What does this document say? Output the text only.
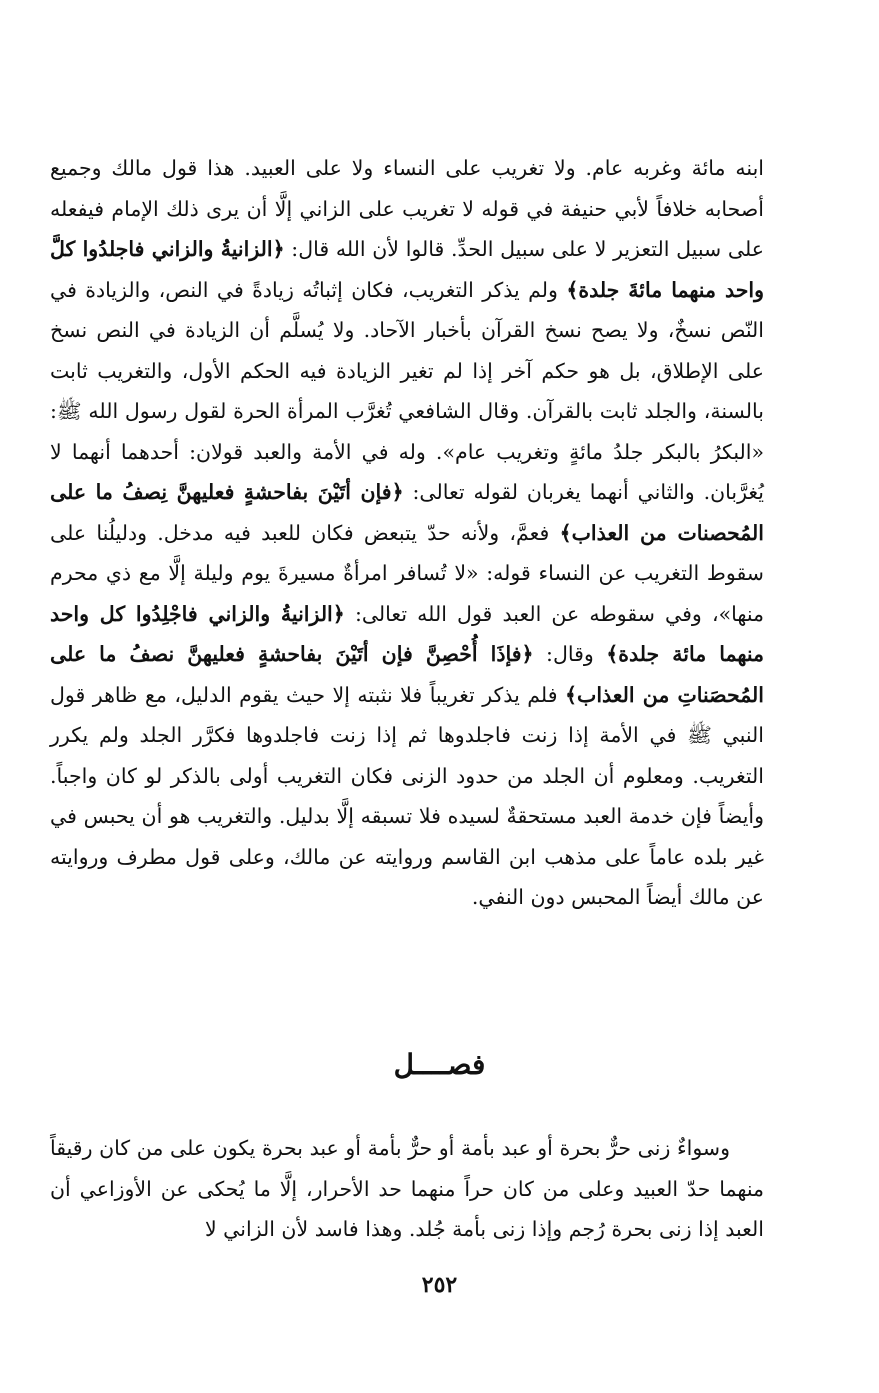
ابنه مائة وغربه عام. ولا تغريب على النساء ولا على العبيد. هذا قول مالك وجميع أصحابه خلافاً لأبي حنيفة في قوله لا تغريب على الزاني إلَّا أن يرى ذلك الإمام فيفعله على سبيل التعزير لا على سبيل الحدِّ. قالوا لأن الله قال: ﴿الزانيةُ والزاني فاجلدُوا كلَّ واحد منهما مائةَ جلدة﴾ ولم يذكر التغريب، فكان إثباتُه زيادةً في النص، والزيادة في النّص نسخٌ، ولا يصح نسخ القرآن بأخبار الآحاد. ولا يُسلَّم أن الزيادة في النص نسخ على الإطلاق، بل هو حكم آخر إذا لم تغير الزيادة فيه الحكم الأول، والتغريب ثابت بالسنة، والجلد ثابت بالقرآن. وقال الشافعي تُغرَّب المرأة الحرة لقول رسول الله ﷺ: «البكرُ بالبكر جلدُ مائةٍ وتغريب عام». وله في الأمة والعبد قولان: أحدهما أنهما لا يُغرَّبان. والثاني أنهما يغربان لقوله تعالى: ﴿فإن أتَيْنَ بفاحشةٍ فعليهنَّ نِصفُ ما على المُحصنات من العذاب﴾ فعمَّ، ولأنه حدّ يتبعض فكان للعبد فيه مدخل. ودليلُنا على سقوط التغريب عن النساء قوله: «لا تُسافر امرأةٌ مسيرةَ يوم وليلة إلَّا مع ذي محرم منها»، وفي سقوطه عن العبد قول الله تعالى: ﴿الزانيةُ والزاني فاجْلِدُوا كل واحد منهما مائة جلدة﴾ وقال: ﴿فإذَا أُحْصِنَّ فإن أتَيْنَ بفاحشةٍ فعليهنَّ نصفُ ما على المُحصَناتِ من العذاب﴾ فلم يذكر تغريباً فلا نثبته إلا حيث يقوم الدليل، مع ظاهر قول النبي ﷺ في الأمة إذا زنت فاجلدوها ثم إذا زنت فاجلدوها فكرَّر الجلد ولم يكرر التغريب. ومعلوم أن الجلد من حدود الزنى فكان التغريب أولى بالذكر لو كان واجباً. وأيضاً فإن خدمة العبد مستحقةٌ لسيده فلا تسبقه إلَّا بدليل. والتغريب هو أن يحبس في غير بلده عاماً على مذهب ابن القاسم وروايته عن مالك، وعلى قول مطرف وروايته عن مالك أيضاً المحبس دون النفي.

فصــــل

وسواءٌ زنى حرٌّ بحرة أو عبد بأمة أو حرٌّ بأمة أو عبد بحرة يكون على من كان رقيقاً منهما حدّ العبيد وعلى من كان حراً منهما حد الأحرار، إلَّا ما يُحكى عن الأوزاعي أن العبد إذا زنى بحرة رُجم وإذا زنى بأمة جُلد. وهذا فاسد لأن الزاني لا

٢٥٢
